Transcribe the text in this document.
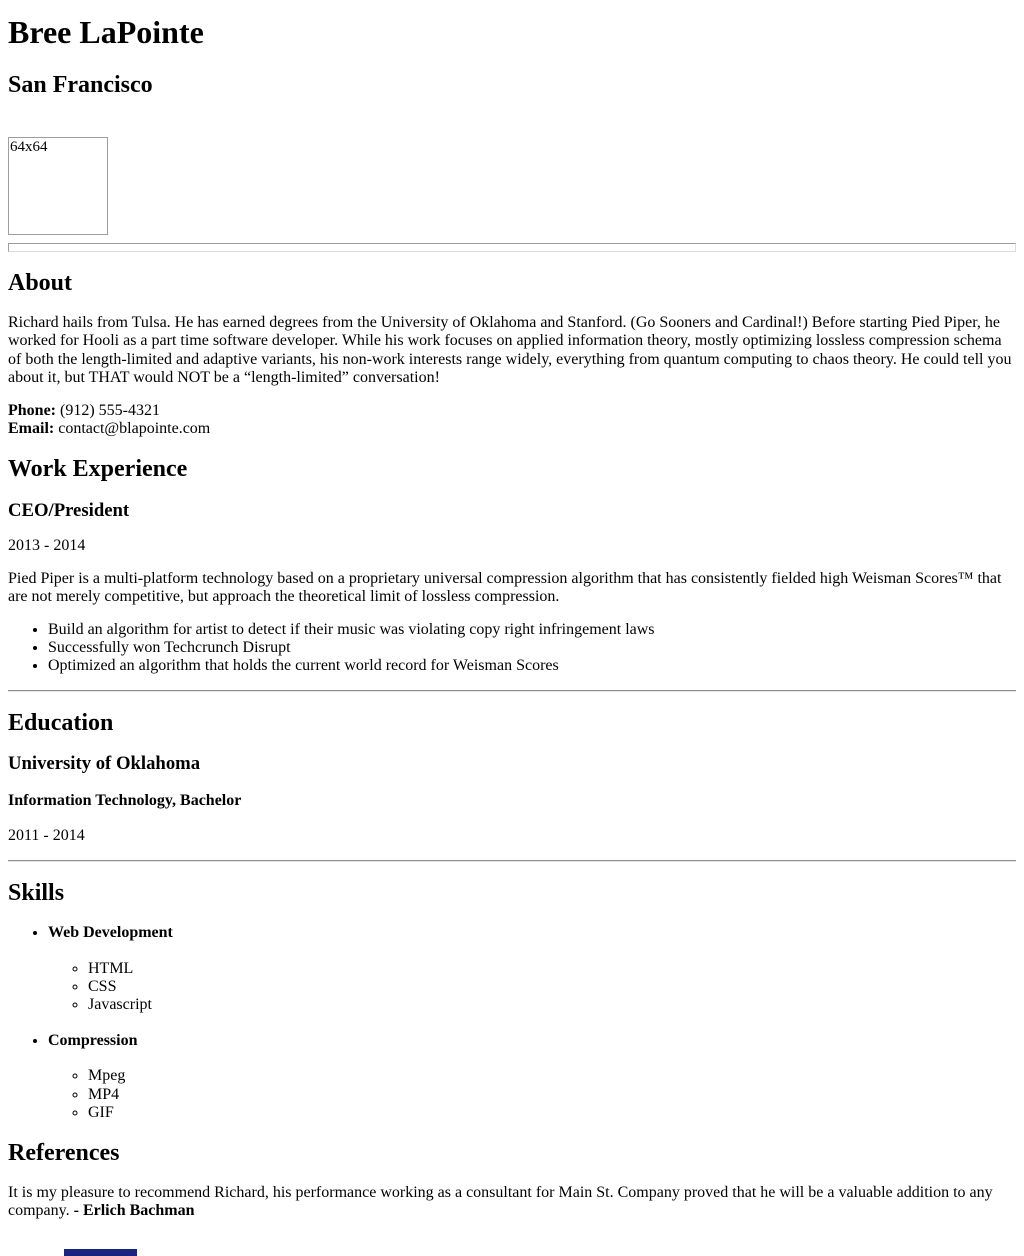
Bree LaPointe
San Francisco

64x64

About

Richard hails from Tulsa. He has earned degrees from the University of Oklahoma and Stanford. (Go Sooners and Cardinal!) Before starting Pied Piper, he worked for Hooli as a part time software developer. While his work focuses on applied information theory, mostly optimizing lossless compression schema of both the length-limited and adaptive variants, his non-work interests range widely, everything from quantum computing to chaos theory. He could tell you about it, but THAT would NOT be a “length-limited” conversation!

Phone: (912) 555-4321
Email: contact@blapointe.com

Work Experience
CEO/President

2013 - 2014

Pied Piper is a multi-platform technology based on a proprietary universal compression algorithm that has consistently fielded high Weisman Scores™ that are not merely competitive, but approach the theoretical limit of lossless compression.

• Build an algorithm for artist to detect if their music was violating copy right infringement laws
• Successfully won Techcrunch Disrupt
• Optimized an algorithm that holds the current world record for Weisman Scores
Education
University of Oklahoma
Information Technology, Bachelor

2011 - 2014

Skills
• Web Development
◦ HTML
◦ CSS
◦ Javascript
• Compression
◦ Mpeg
◦ MP4
◦ GIF
References

It is my pleasure to recommend Richard, his performance working as a consultant for Main St. Company proved that he will be a valuable addition to any company. - Erlich Bachman
